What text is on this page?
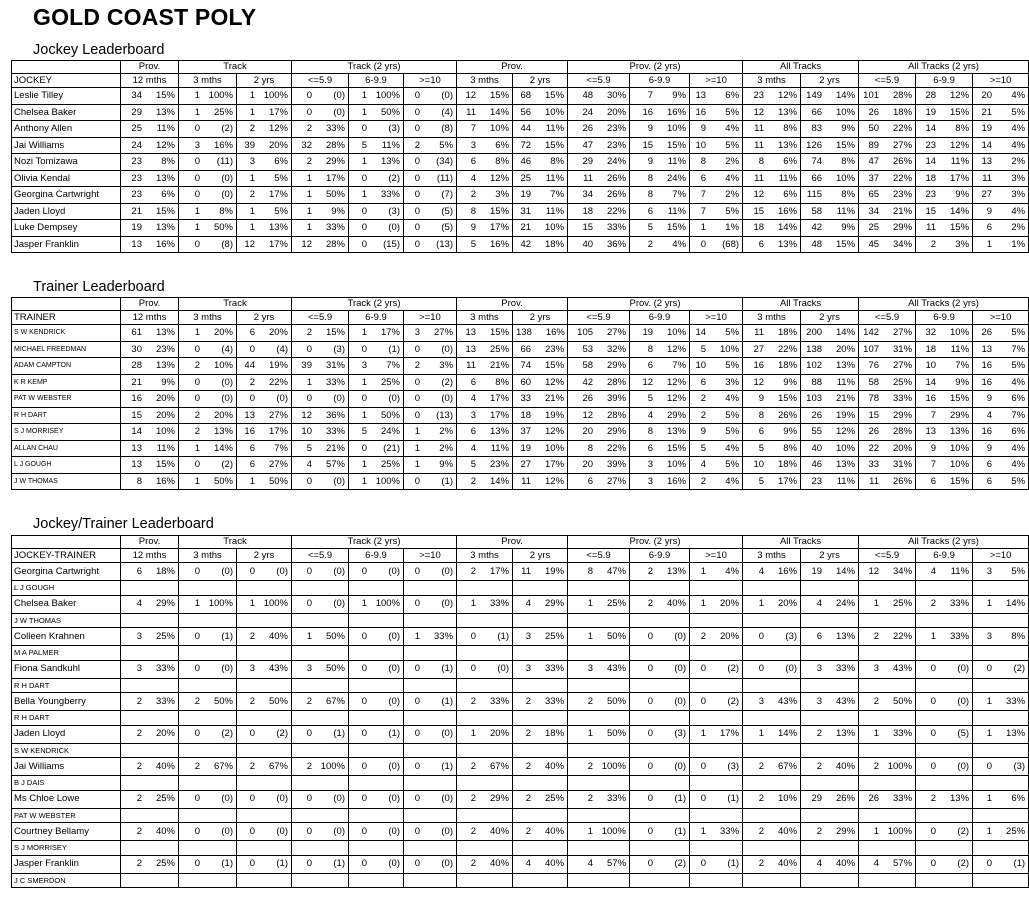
GOLD COAST POLY
Jockey Leaderboard
	Prov.	Track		Track (2 yrs)			Prov.		Prov. (2 yrs)			All Tracks		All Tracks (2 yrs)		
JOCKEY	12 mths	3 mths	2 yrs	<=5.9	6-9.9	>=10	3 mths	2 yrs	<=5.9	6-9.9	>=10	3 mths	2 yrs	<=5.9	6-9.9	>=10
Leslie Tilley	34 15%	1 100%	1 100%	0 (0)	1 100%	0 (0)	12 15%	68 15%	48 30%	7 9%	13 6%	23 12%	149 14%	101 28%	28 12%	20 4%

Chelsea Baker	29 13%	1 25%	1 17%	0 (0)	1 50%	0 (4)	11 14%	56 10%	24 20%	16 16%	16 5%	12 13%	66 10%	26 18%	19 15%	21 5%

Anthony Allen	25 11%	0 (2)	2 12%	2 33%	0 (3)	0 (8)	7 10%	44 11%	26 23%	9 10%	9 4%	11 8%	83 9%	50 22%	14 8%	19 4%

Jai Williams	24 12%	3 16%	39 20%	32 28%	5 11%	2 5%	3 6%	72 15%	47 23%	15 15%	10 5%	11 13%	126 15%	89 27%	23 12%	14 4%

Nozi Tomizawa	23 8%	0 (11)	3 6%	2 29%	1 13%	0 (34)	6 8%	46 8%	29 24%	9 11%	8 2%	8 6%	74 8%	47 26%	14 11%	13 2%

Olivia Kendal	23 13%	0 (0)	1 5%	1 17%	0 (2)	0 (11)	4 12%	25 11%	11 26%	8 24%	6 4%	11 11%	66 10%	37 22%	18 17%	11 3%

Georgina Cartwright	23 6%	0 (0)	2 17%	1 50%	1 33%	0 (7)	2 3%	19 7%	34 26%	8 7%	7 2%	12 6%	115 8%	65 23%	23 9%	27 3%

Jaden Lloyd	21 15%	1 8%	1 5%	1 9%	0 (3)	0 (5)	8 15%	31 11%	18 22%	6 11%	7 5%	15 16%	58 11%	34 21%	15 14%	9 4%

Luke Dempsey	19 13%	1 50%	1 13%	1 33%	0 (0)	0 (5)	9 17%	21 10%	15 33%	5 15%	1 1%	18 14%	42 9%	25 29%	11 15%	6 2%

Jasper Franklin	13 16%	0 (8)	12 17%	12 28%	0 (15)	0 (13)	5 16%	42 18%	40 36%	2 4%	0 (68)	6 13%	48 15%	45 34%	2 3%	1 1%
Trainer Leaderboard
	Prov.	Track		Track (2 yrs)			Prov.		Prov. (2 yrs)			All Tracks		All Tracks (2 yrs)		
TRAINER	12 mths	3 mths	2 yrs	<=5.9	6-9.9	>=10	3 mths	2 yrs	<=5.9	6-9.9	>=10	3 mths	2 yrs	<=5.9	6-9.9	>=10
S W KENDRICK	61 13%	1 20%	6 20%	2 15%	1 17%	3 27%	13 15%	138 16%	105 27%	19 10%	14 5%	11 18%	200 14%	142 27%	32 10%	26 5%

MICHAEL FREEDMAN	30 23%	0 (4)	0 (4)	0 (3)	0 (1)	0 (0)	13 25%	66 23%	53 32%	8 12%	5 10%	27 22%	138 20%	107 31%	18 11%	13 7%

ADAM CAMPTON	28 13%	2 10%	44 19%	39 31%	3 7%	2 3%	11 21%	74 15%	58 29%	6 7%	10 5%	16 18%	102 13%	76 27%	10 7%	16 5%

K R KEMP	21 9%	0 (0)	2 22%	1 33%	1 25%	0 (2)	6 8%	60 12%	42 28%	12 12%	6 3%	12 9%	88 11%	58 25%	14 9%	16 4%

PAT W WEBSTER	16 20%	0 (0)	0 (0)	0 (0)	0 (0)	0 (0)	4 17%	33 21%	26 39%	5 12%	2 4%	9 15%	103 21%	78 33%	16 15%	9 6%

R H DART	15 20%	2 20%	13 27%	12 36%	1 50%	0 (13)	3 17%	18 19%	12 28%	4 29%	2 5%	8 26%	26 19%	15 29%	7 29%	4 7%

S J MORRISEY	14 10%	2 13%	16 17%	10 33%	5 24%	1 2%	6 13%	37 12%	20 29%	8 13%	9 5%	6 9%	55 12%	26 28%	13 13%	16 6%

ALLAN CHAU	13 11%	1 14%	6 7%	5 21%	0 (21)	1 2%	4 11%	19 10%	8 22%	6 15%	5 4%	5 8%	40 10%	22 20%	9 10%	9 4%

L J GOUGH	13 15%	0 (2)	6 27%	4 57%	1 25%	1 9%	5 23%	27 17%	20 39%	3 10%	4 5%	10 18%	46 13%	33 31%	7 10%	6 4%

J W THOMAS	8 16%	1 50%	1 50%	0 (0)	1 100%	0 (1)	2 14%	11 12%	6 27%	3 16%	2 4%	5 17%	23 11%	11 26%	6 15%	6 5%
Jockey/Trainer Leaderboard
	Prov.	Track		Track (2 yrs)			Prov.		Prov. (2 yrs)			All Tracks		All Tracks (2 yrs)		
JOCKEY-TRAINER	12 mths	3 mths	2 yrs	<=5.9	6-9.9	>=10	3 mths	2 yrs	<=5.9	6-9.9	>=10	3 mths	2 yrs	<=5.9	6-9.9	>=10
Georgina Cartwright	6 18%	0 (0)	0 (0)	0 (0)	0 (0)	0 (0)	2 17%	11 19%	8 47%	2 13%	1 4%	4 16%	19 14%	12 34%	4 11%	3 5%

L J GOUGH																
Chelsea Baker	4 29%	1 100%	1 100%	0 (0)	1 100%	0 (0)	1 33%	4 29%	1 25%	2 40%	1 20%	1 20%	4 24%	1 25%	2 33%	1 14%

J W THOMAS																
Colleen Krahnen	3 25%	0 (1)	2 40%	1 50%	0 (0)	1 33%	0 (1)	3 25%	1 50%	0 (0)	2 20%	0 (3)	6 13%	2 22%	1 33%	3 8%

M A PALMER																
Fiona Sandkuhl	3 33%	0 (0)	3 43%	3 50%	0 (0)	0 (1)	0 (0)	3 33%	3 43%	0 (0)	0 (2)	0 (0)	3 33%	3 43%	0 (0)	0 (2)

R H DART																
Bella Youngberry	2 33%	2 50%	2 50%	2 67%	0 (0)	0 (1)	2 33%	2 33%	2 50%	0 (0)	0 (2)	3 43%	3 43%	2 50%	0 (0)	1 33%

R H DART																
Jaden Lloyd	2 20%	0 (2)	0 (2)	0 (1)	0 (1)	0 (0)	1 20%	2 18%	1 50%	0 (3)	1 17%	1 14%	2 13%	1 33%	0 (5)	1 13%

S W KENDRICK																
Jai Williams	2 40%	2 67%	2 67%	2 100%	0 (0)	0 (1)	2 67%	2 40%	2 100%	0 (0)	0 (3)	2 67%	2 40%	2 100%	0 (0)	0 (3)

B J DAIS																
Ms Chloe Lowe	2 25%	0 (0)	0 (0)	0 (0)	0 (0)	0 (0)	2 29%	2 25%	2 33%	0 (1)	0 (1)	2 10%	29 26%	26 33%	2 13%	1 6%

PAT W WEBSTER																
Courtney Bellamy	2 40%	0 (0)	0 (0)	0 (0)	0 (0)	0 (0)	2 40%	2 40%	1 100%	0 (1)	1 33%	2 40%	2 29%	1 100%	0 (2)	1 25%

S J MORRISEY																
Jasper Franklin	2 25%	0 (1)	0 (1)	0 (1)	0 (0)	0 (0)	2 40%	4 40%	4 57%	0 (2)	0 (1)	2 40%	4 40%	4 57%	0 (2)	0 (1)

J C SMERDON																
